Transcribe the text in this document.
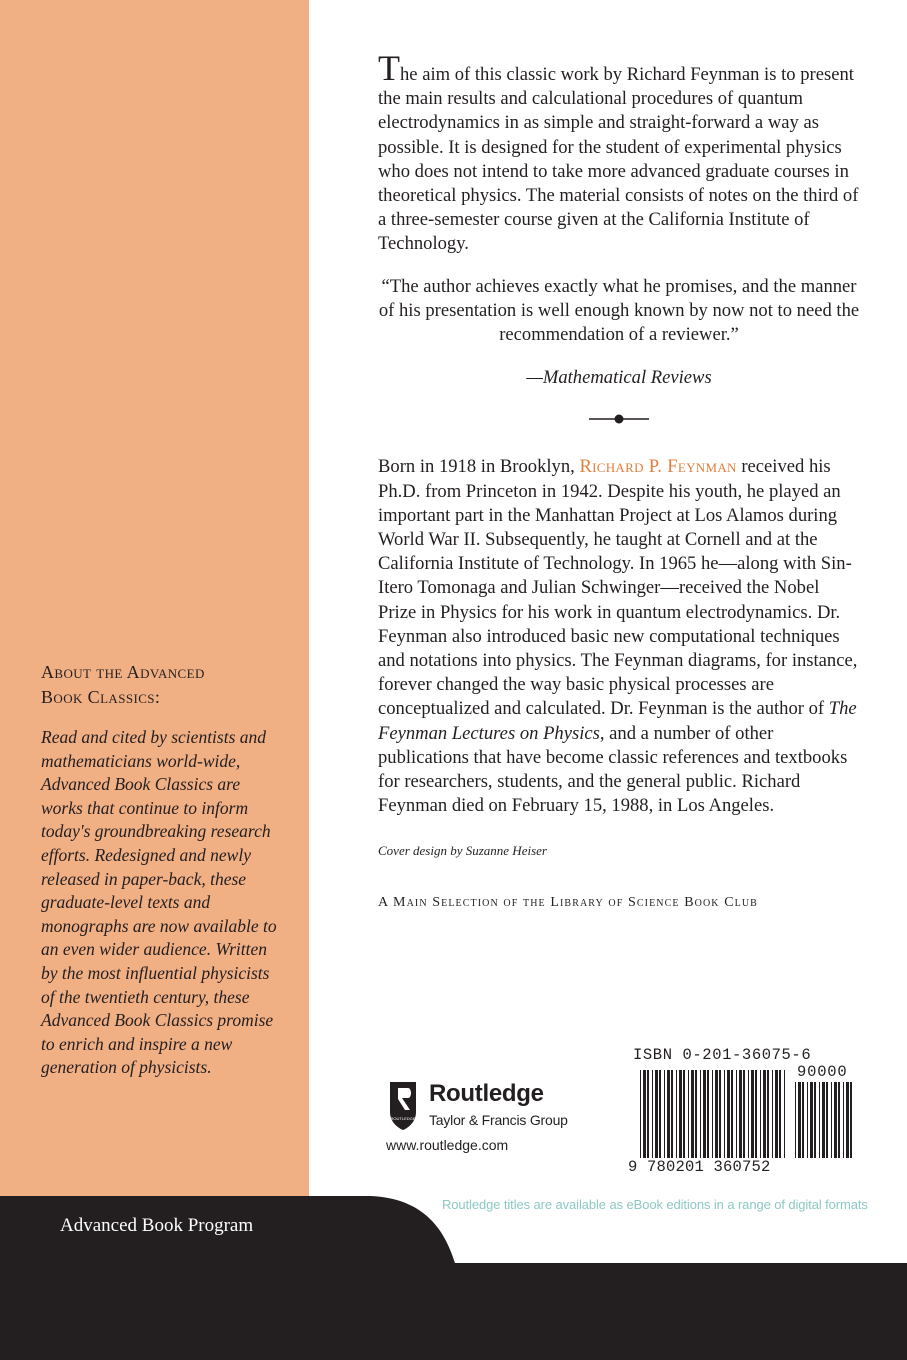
About the Advanced
Book Classics:

Read and cited by scientists and mathematicians world-wide, Advanced Book Classics are works that continue to inform today's groundbreaking research efforts. Redesigned and newly released in paper-back, these graduate-level texts and monographs are now available to an even wider audience. Written by the most influential physicists of the twentieth century, these Advanced Book Classics promise to enrich and inspire a new generation of physicists.

Advanced Book Program

The aim of this classic work by Richard Feynman is to present the main results and calculational procedures of quantum electrodynamics in as simple and straight-forward a way as possible. It is designed for the student of experimental physics who does not intend to take more advanced graduate courses in theoretical physics. The material consists of notes on the third of a three-semester course given at the California Institute of Technology.

“The author achieves exactly what he promises, and the manner of his presentation is well enough known by now not to need the recommendation of a reviewer.”

—Mathematical Reviews

Born in 1918 in Brooklyn, Richard P. Feynman received his Ph.D. from Princeton in 1942. Despite his youth, he played an important part in the Manhattan Project at Los Alamos during World War II. Subsequently, he taught at Cornell and at the California Institute of Technology. In 1965 he—along with Sin-Itero Tomonaga and Julian Schwinger—received the Nobel Prize in Physics for his work in quantum electrodynamics. Dr. Feynman also introduced basic new computational techniques and notations into physics. The Feynman diagrams, for instance, forever changed the way basic physical processes are conceptualized and calculated. Dr. Feynman is the author of The Feynman Lectures on Physics, and a number of other publications that have become classic references and textbooks for researchers, students, and the general public. Richard Feynman died on February 15, 1988, in Los Angeles.

Cover design by Suzanne Heiser

A Main Selection of the Library of Science Book Club

ROUTLEDGE
Routledge
Taylor & Francis Group
www.routledge.com
ISBN 0-201-36075-6
90000
9 780201 360752
Routledge titles are available as eBook editions in a range of digital formats
